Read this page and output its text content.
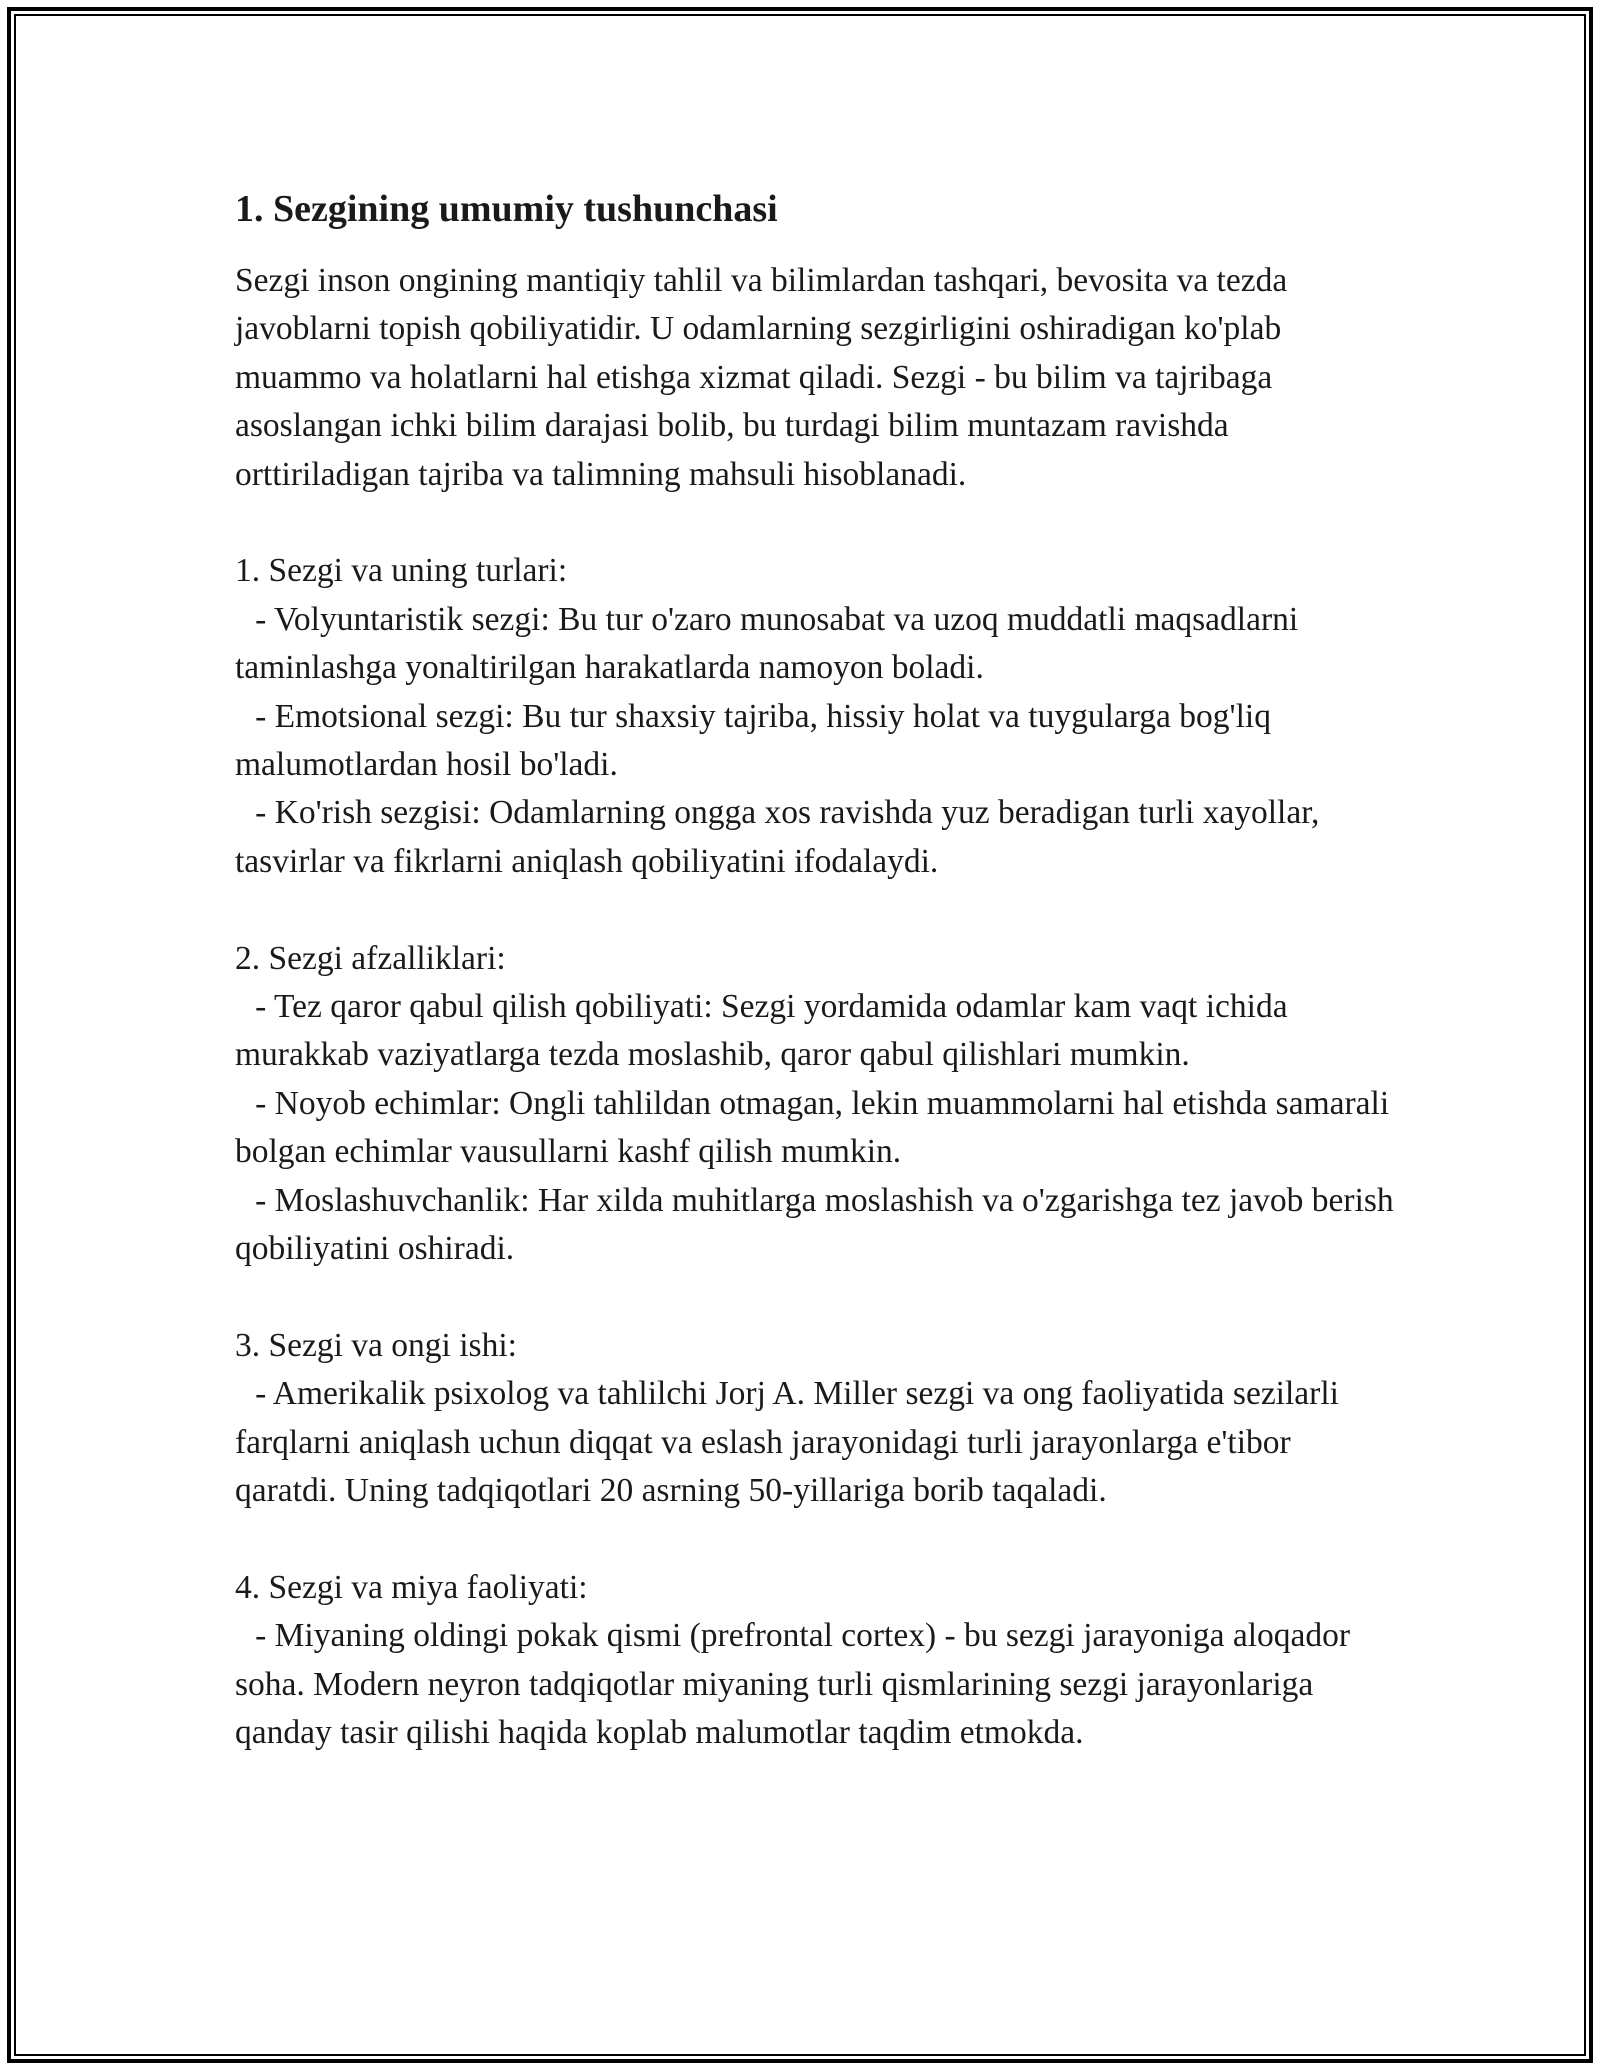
1. Sezgining umumiy tushunchasi

Sezgi inson ongining mantiqiy tahlil va bilimlardan tashqari, bevosita va tezda javoblarni topish qobiliyatidir. U odamlarning sezgirligini oshiradigan ko'plab muammo va holatlarni hal etishga xizmat qiladi. Sezgi - bu bilim va tajribaga asoslangan ichki bilim darajasi bolib, bu turdagi bilim muntazam ravishda orttiriladigan tajriba va talimning mahsuli hisoblanadi.

1. Sezgi va uning turlari:

- Volyuntaristik sezgi: Bu tur o'zaro munosabat va uzoq muddatli maqsadlarni taminlashga yonaltirilgan harakatlarda namoyon boladi.

- Emotsional sezgi: Bu tur shaxsiy tajriba, hissiy holat va tuygularga bog'liq malumotlardan hosil bo'ladi.

- Ko'rish sezgisi: Odamlarning ongga xos ravishda yuz beradigan turli xayollar, tasvirlar va fikrlarni aniqlash qobiliyatini ifodalaydi.

2. Sezgi afzalliklari:

- Tez qaror qabul qilish qobiliyati: Sezgi yordamida odamlar kam vaqt ichida murakkab vaziyatlarga tezda moslashib, qaror qabul qilishlari mumkin.

- Noyob echimlar: Ongli tahlildan otmagan, lekin muammolarni hal etishda samarali bolgan echimlar vausullarni kashf qilish mumkin.

- Moslashuvchanlik: Har xilda muhitlarga moslashish va o'zgarishga tez javob berish qobiliyatini oshiradi.

3. Sezgi va ongi ishi:

- Amerikalik psixolog va tahlilchi Jorj A. Miller sezgi va ong faoliyatida sezilarli farqlarni aniqlash uchun diqqat va eslash jarayonidagi turli jarayonlarga e'tibor qaratdi. Uning tadqiqotlari 20 asrning 50-yillariga borib taqaladi.

4. Sezgi va miya faoliyati:

- Miyaning oldingi pokak qismi (prefrontal cortex) - bu sezgi jarayoniga aloqador soha. Modern neyron tadqiqotlar miyaning turli qismlarining sezgi jarayonlariga qanday tasir qilishi haqida koplab malumotlar taqdim etmokda.
